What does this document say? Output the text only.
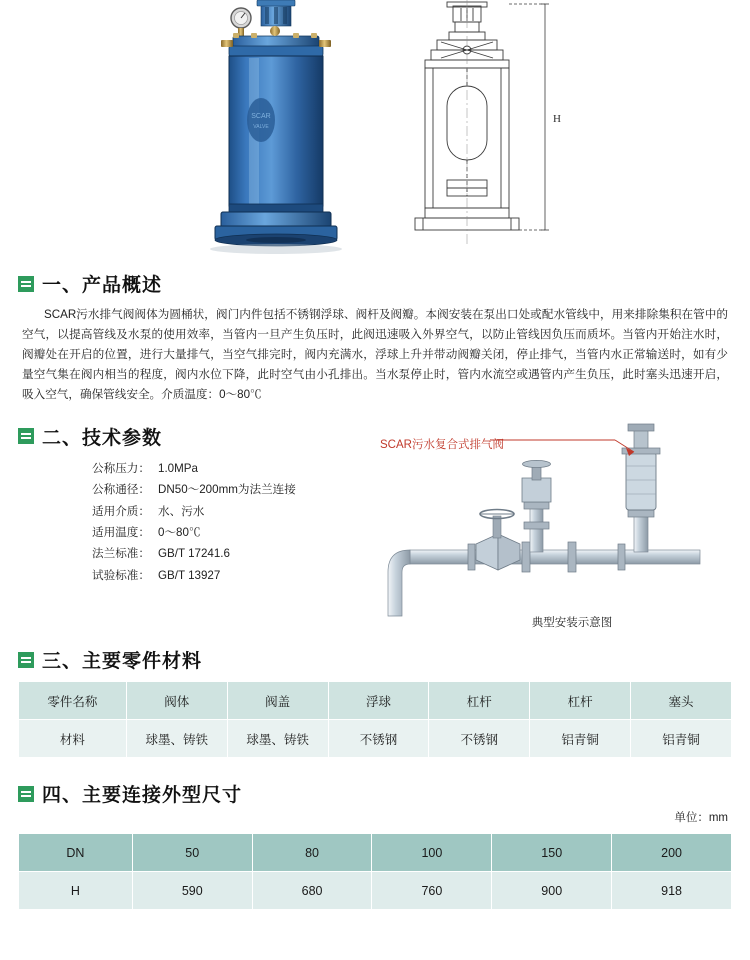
SCAR
VALVE
H
一、产品概述

SCAR污水排气阀阀体为圆桶状，阀门内件包括不锈钢浮球、阀杆及阀瓣。本阀安装在泵出口处或配水管线中，用来排除集积在管中的空气，以提高管线及水泵的使用效率，当管内一旦产生负压时，此阀迅速吸入外界空气，以防止管线因负压而质坏。当管内开始注水时，阀瓣处在开启的位置，进行大量排气，当空气排完时，阀内充满水，浮球上升并带动阀瓣关闭，停止排气，当管内水正常输送时，如有少量空气集在阀内相当的程度，阀内水位下降，此时空气由小孔排出。当水泵停止时，管内水流空或遇管内产生负压，此时塞头迅速开启，吸入空气，确保管线安全。介质温度：0～80℃

二、技术参数
公称压力： 1.0MPa
公称通径： DN50～200mm为法兰连接
适用介质： 水、污水
适用温度： 0～80℃
法兰标准： GB/T 17241.6
试验标准： GB/T 13927
SCAR污水复合式排气阀
典型安装示意图
三、主要零件材料
零件名称	阀体	阀盖	浮球	杠杆	杠杆	塞头
材料	球墨、铸铁	球墨、铸铁	不锈钢	不锈钢	铝青铜	铝青铜
四、主要连接外型尺寸
单位：mm
DN	50	80	100	150	200
H	590	680	760	900	918
